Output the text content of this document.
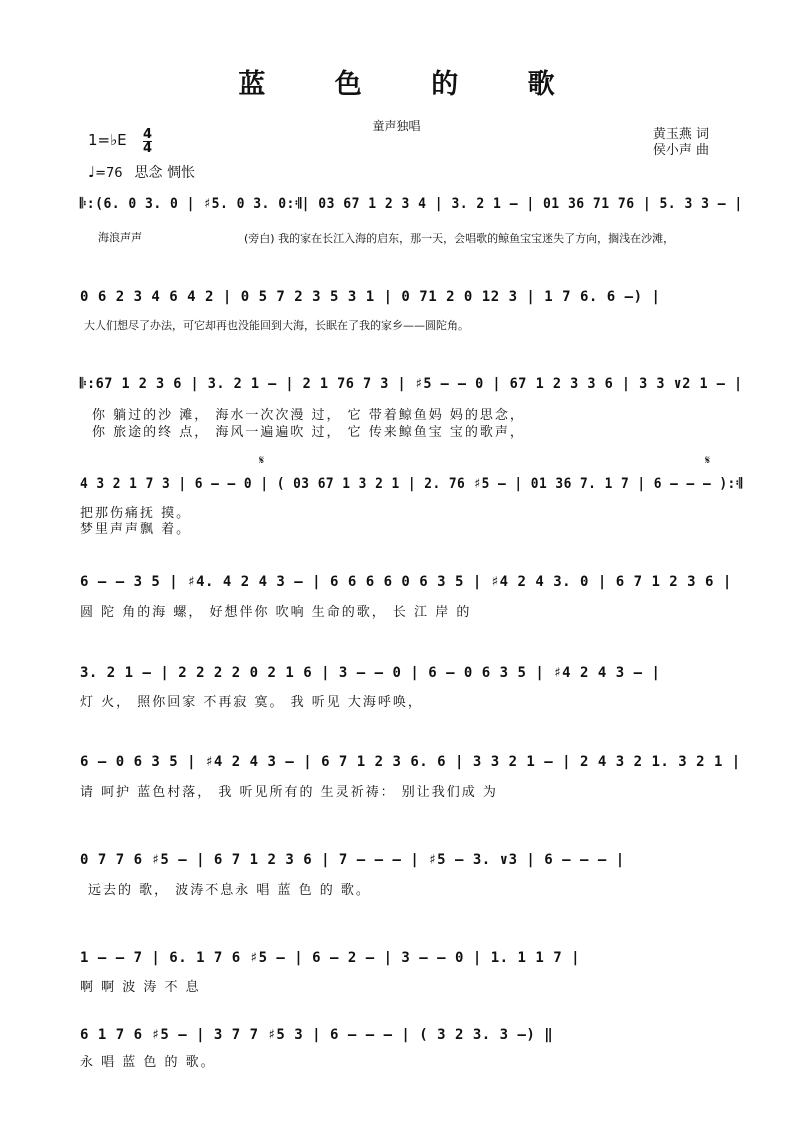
蓝 色 的 歌
童声独唱
黄玉燕 词
侯小声 曲
1=♭E 4
4
♩=76 思念 惆怅
𝄆:(6. 0 3. 0 | ♯5. 0 3. 0:𝄇| 03 67 1 2 3 4 | 3. 2 1 – | 01 36 71 76 | 5. 3 3 – |
海浪声声	(旁白) 我的家在长江入海的启东，那一天，会唱歌的鲸鱼宝宝迷失了方向，搁浅在沙滩，
0 6 2 3 4 6 4 2 | 0 5 7 2 3 5 3 1 | 0 71 2 0 12 3 | 1 7 6. 6 –) |
大人们想尽了办法，可它却再也没能回到大海，长眠在了我的家乡——圆陀角。
𝄆:67 1 2 3 6 | 3. 2 1 – | 2 1 76 7 3 | ♯5 – – 0 | 67 1 2 3 3 6 | 3 3 ∨2 1 – |
你 躺过的沙 滩， 海水一次次漫 过， 它 带着鲸鱼妈 妈的思念，
你 旅途的终 点， 海风一遍遍吹 过， 它 传来鲸鱼宝 宝的歌声，
𝄋	𝄋
4 3 2 1 7 3 | 6 – – 0 | ( 03 67 1 3 2 1 | 2. 76 ♯5 – | 01 36 7. 1 7 | 6 – – – ):𝄇
把那伤痛抚 摸。
梦里声声飘 着。
6 – – 3 5 | ♯4. 4 2 4 3 – | 6 6 6 6 0 6 3 5 | ♯4 2 4 3. 0 | 6 7 1 2 3 6 |
圆 陀 角的海 螺， 好想伴你 吹响 生命的歌， 长 江 岸 的
3. 2 1 – | 2 2 2 2 0 2 1 6 | 3 – – 0 | 6 – 0 6 3 5 | ♯4 2 4 3 – |
灯 火， 照你回家 不再寂 寞。 我 听见 大海呼唤，
6 – 0 6 3 5 | ♯4 2 4 3 – | 6 7 1 2 3 6. 6 | 3 3 2 1 – | 2 4 3 2 1. 3 2 1 |
请 呵护 蓝色村落， 我 听见所有的 生灵祈祷： 别让我们成 为
0 7 7 6 ♯5 – | 6 7 1 2 3 6 | 7 – – – | ♯5 – 3. ∨3 | 6 – – – |
远去的 歌， 波涛不息永 唱 蓝 色 的 歌。
1 – – 7 | 6. 1 7 6 ♯5 – | 6 – 2 – | 3 – – 0 | 1. 1 1 7 |
啊 啊 波 涛 不 息
6 1 7 6 ♯5 – | 3 7 7 ♯5 3 | 6 – – – | ( 3 2 3. 3 –) ‖
永 唱 蓝 色 的 歌。
